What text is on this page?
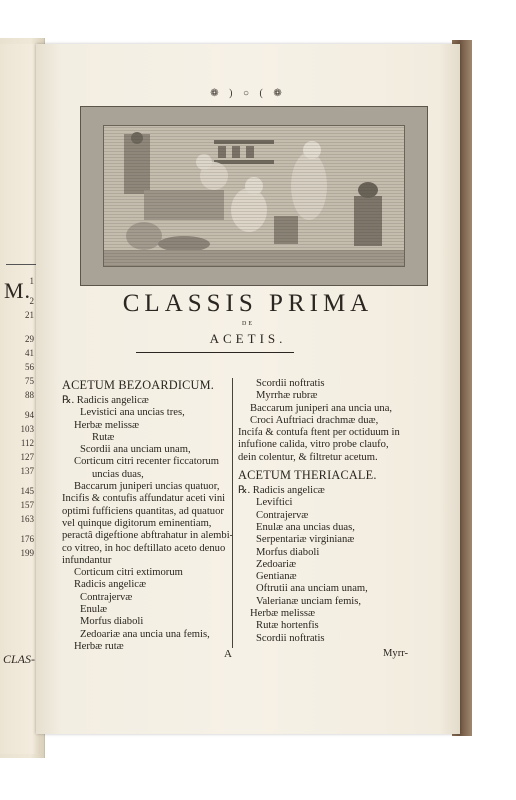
M.
1
2
21
29
41
56
75
88
94
103
112
127
137
145
157
163
176
199
CLAS-
❁ ) ○ ( ❁
CLASSIS PRIMA
DE
ACETIS.
ACETUM BEZOARDICUM.
℞. Radicis angelicæ
Levistici ana uncias tres,
Herbæ melissæ
Rutæ
Scordii ana unciam unam,
Corticum citri recenter ficcatorum
uncias duas,
Baccarum juniperi uncias quatuor,
Incifis & contufis affundatur aceti vini
optimi fufficiens quantitas, ad quatuor
vel quinque digitorum eminentiam,
peractâ digeftione abftrahatur in alembi-
co vitreo, in hoc deftillato aceto denuo
infundantur
Corticum citri extimorum
Radicis angelicæ
Contrajervæ
Enulæ
Morfus diaboli
Zedoariæ ana uncia una femis,
Herbæ rutæ
Scordii noftratis
Myrrhæ rubræ
Baccarum juniperi ana uncia una,
Croci Auftriaci drachmæ duæ,
Incifa & contufa ftent per octiduum in
infufione calida, vitro probe claufo,
dein colentur, & filtretur acetum.
ACETUM THERIACALE.
℞. Radicis angelicæ
Leviftici
Contrajervæ
Enulæ ana uncias duas,
Serpentariæ virginianæ
Morfus diaboli
Zedoariæ
Gentianæ
Oftrutii ana unciam unam,
Valerianæ unciam femis,
Herbæ melissæ
Rutæ hortenfis
Scordii noftratis
A	Myrr-
